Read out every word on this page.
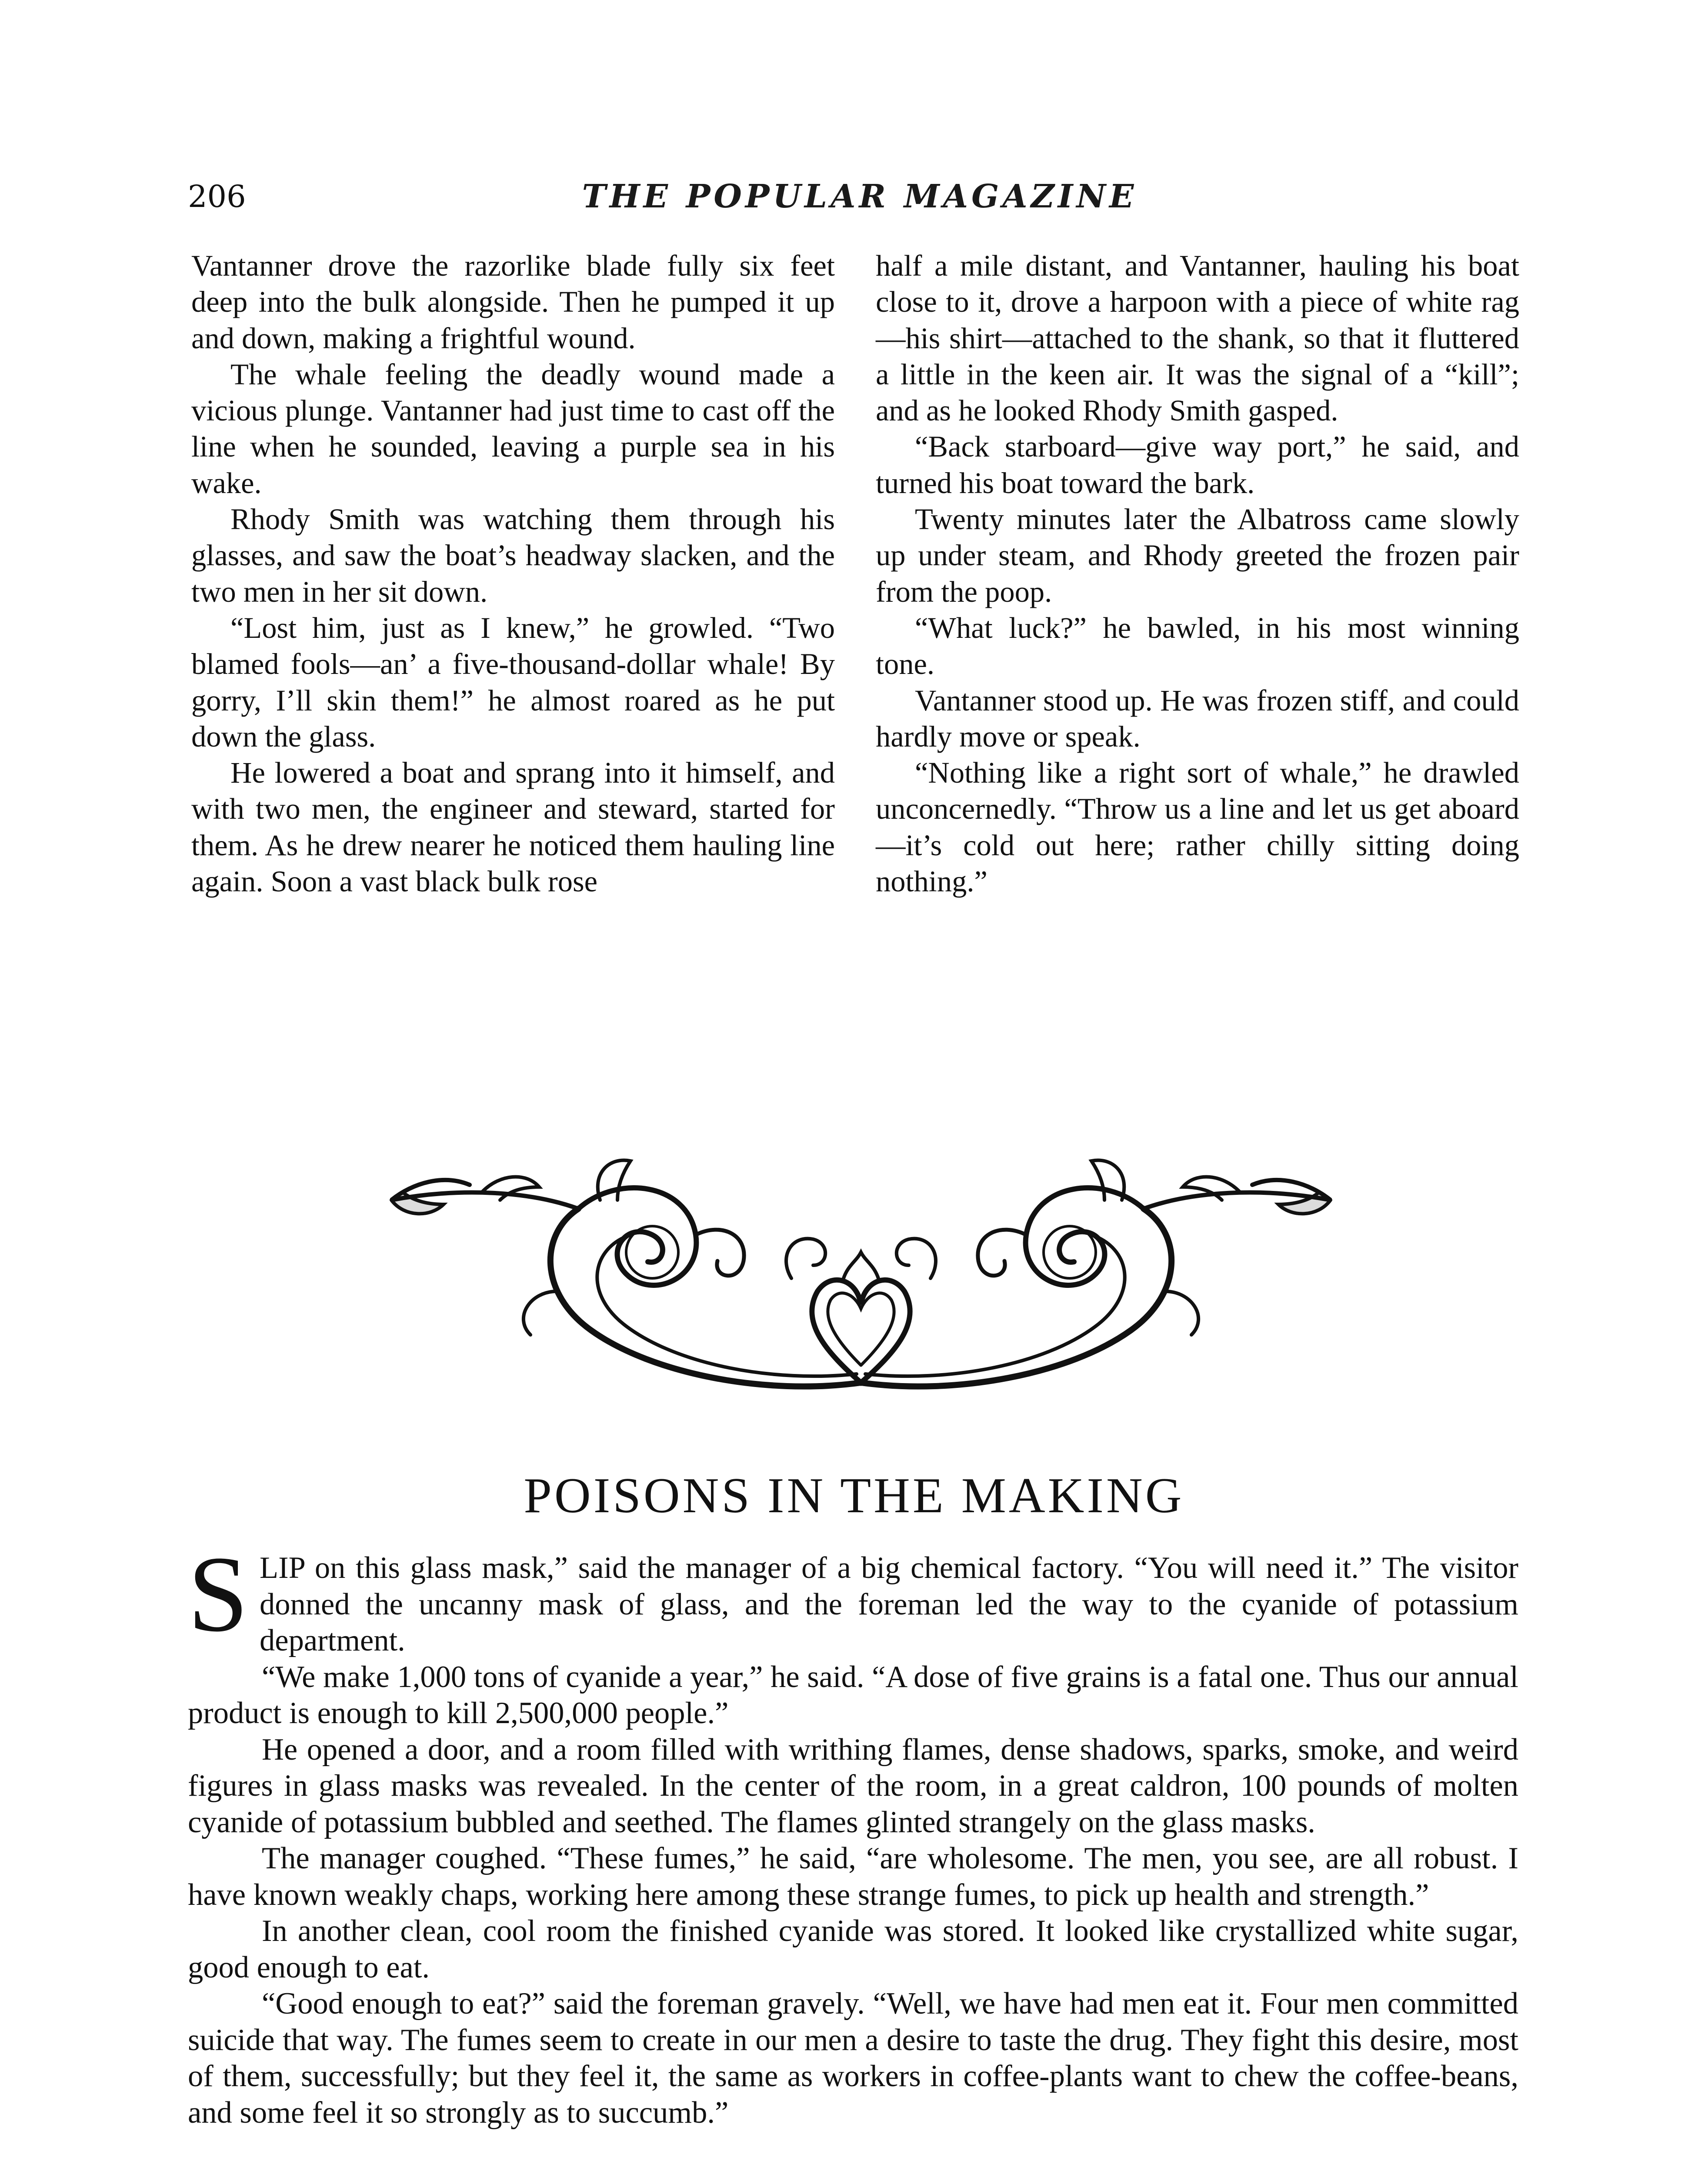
206	THE POPULAR MAGAZINE

Vantanner drove the razorlike blade fully six feet deep into the bulk alongside. Then he pumped it up and down, making a frightful wound.

The whale feeling the deadly wound made a vicious plunge. Vantanner had just time to cast off the line when he sounded, leaving a purple sea in his wake.

Rhody Smith was watching them through his glasses, and saw the boat’s headway slacken, and the two men in her sit down.

“Lost him, just as I knew,” he growled. “Two blamed fools—an’ a five-thousand-dollar whale! By gorry, I’ll skin them!” he almost roared as he put down the glass.

He lowered a boat and sprang into it himself, and with two men, the engineer and steward, started for them. As he drew nearer he noticed them hauling line again. Soon a vast black bulk rose

half a mile distant, and Vantanner, hauling his boat close to it, drove a harpoon with a piece of white rag—his shirt—attached to the shank, so that it fluttered a little in the keen air. It was the signal of a “kill”; and as he looked Rhody Smith gasped.

“Back starboard—give way port,” he said, and turned his boat toward the bark.

Twenty minutes later the Albatross came slowly up under steam, and Rhody greeted the frozen pair from the poop.

“What luck?” he bawled, in his most winning tone.

Vantanner stood up. He was frozen stiff, and could hardly move or speak.

“Nothing like a right sort of whale,” he drawled unconcernedly. “Throw us a line and let us get aboard—it’s cold out here; rather chilly sitting doing nothing.”

POISONS IN THE MAKING

SLIP on this glass mask,” said the manager of a big chemical factory. “You will need it.” The visitor donned the uncanny mask of glass, and the foreman led the way to the cyanide of potassium department.

“We make 1,000 tons of cyanide a year,” he said. “A dose of five grains is a fatal one. Thus our annual product is enough to kill 2,500,000 people.”

He opened a door, and a room filled with writhing flames, dense shadows, sparks, smoke, and weird figures in glass masks was revealed. In the center of the room, in a great caldron, 100 pounds of molten cyanide of potassium bubbled and seethed. The flames glinted strangely on the glass masks.

The manager coughed. “These fumes,” he said, “are wholesome. The men, you see, are all robust. I have known weakly chaps, working here among these strange fumes, to pick up health and strength.”

In another clean, cool room the finished cyanide was stored. It looked like crystallized white sugar, good enough to eat.

“Good enough to eat?” said the foreman gravely. “Well, we have had men eat it. Four men committed suicide that way. The fumes seem to create in our men a desire to taste the drug. They fight this desire, most of them, successfully; but they feel it, the same as workers in coffee-plants want to chew the coffee-beans, and some feel it so strongly as to succumb.”
